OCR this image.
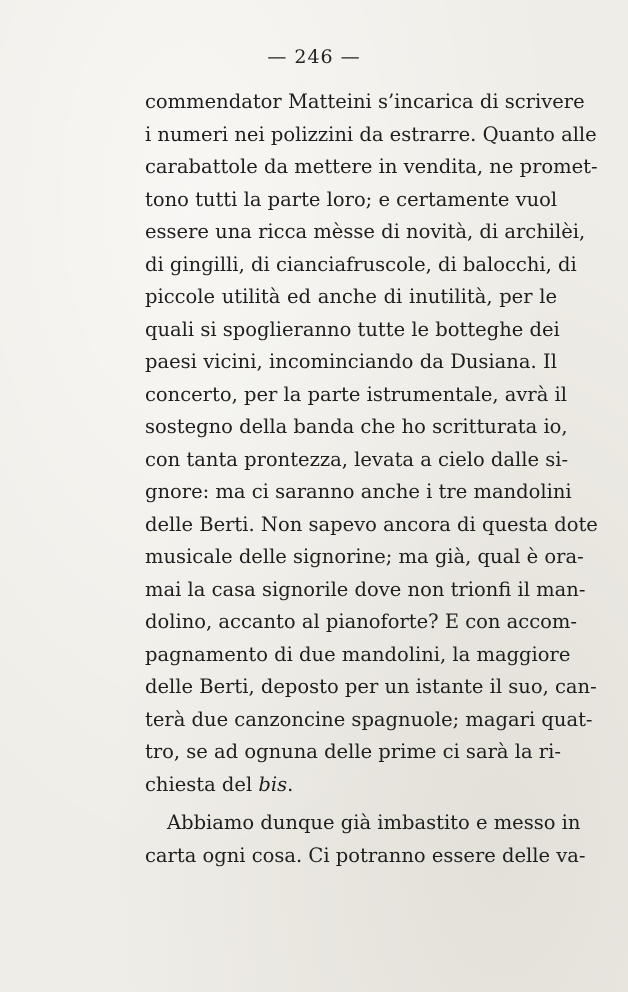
— 246 —
commendator Matteini s’incarica di scrivere
i numeri nei polizzini da estrarre. Quanto alle
carabattole da mettere in vendita, ne promet-
tono tutti la parte loro; e certamente vuol
essere una ricca mèsse di novità, di archilèi,
di gingilli, di cianciafruscole, di balocchi, di
piccole utilità ed anche di inutilità, per le
quali si spoglieranno tutte le botteghe dei
paesi vicini, incominciando da Dusiana. Il
concerto, per la parte istrumentale, avrà il
sostegno della banda che ho scritturata io,
con tanta prontezza, levata a cielo dalle si-
gnore: ma ci saranno anche i tre mandolini
delle Berti. Non sapevo ancora di questa dote
musicale delle signorine; ma già, qual è ora-
mai la casa signorile dove non trionfi il man-
dolino, accanto al pianoforte? E con accom-
pagnamento di due mandolini, la maggiore
delle Berti, deposto per un istante il suo, can-
terà due canzoncine spagnuole; magari quat-
tro, se ad ognuna delle prime ci sarà la ri-
chiesta del bis.
Abbiamo dunque già imbastito e messo in
carta ogni cosa. Ci potranno essere delle va-
